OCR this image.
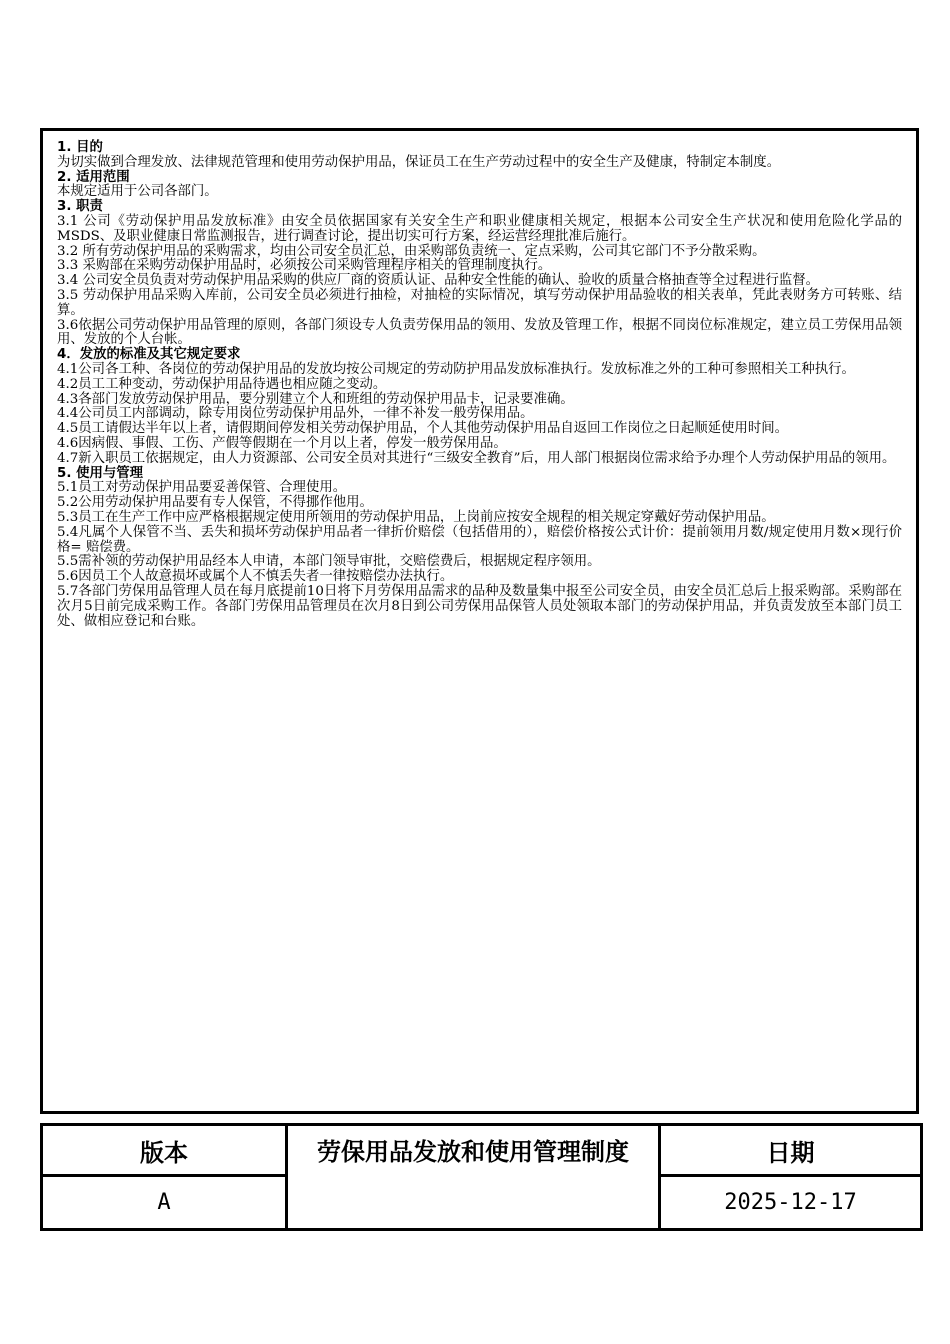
1. 目的

为切实做到合理发放、法律规范管理和使用劳动保护用品，保证员工在生产劳动过程中的安全生产及健康，特制定本制度。

2. 适用范围

本规定适用于公司各部门。

3. 职责

3.1 公司《劳动保护用品发放标准》由安全员依据国家有关安全生产和职业健康相关规定，根据本公司安全生产状况和使用危险化学品的MSDS、及职业健康日常监测报告，进行调查讨论，提出切实可行方案，经运营经理批准后施行。

3.2 所有劳动保护用品的采购需求，均由公司安全员汇总，由采购部负责统一、定点采购，公司其它部门不予分散采购。

3.3 采购部在采购劳动保护用品时，必须按公司采购管理程序相关的管理制度执行。

3.4 公司安全员负责对劳动保护用品采购的供应厂商的资质认证、品种安全性能的确认、验收的质量合格抽查等全过程进行监督。

3.5 劳动保护用品采购入库前，公司安全员必须进行抽检，对抽检的实际情况，填写劳动保护用品验收的相关表单，凭此表财务方可转账、结算。

3.6依据公司劳动保护用品管理的原则，各部门须设专人负责劳保用品的领用、发放及管理工作，根据不同岗位标准规定，建立员工劳保用品领用、发放的个人台帐。

4．发放的标准及其它规定要求

4.1公司各工种、各岗位的劳动保护用品的发放均按公司规定的劳动防护用品发放标准执行。发放标准之外的工种可参照相关工种执行。

4.2员工工种变动，劳动保护用品待遇也相应随之变动。

4.3各部门发放劳动保护用品，要分别建立个人和班组的劳动保护用品卡，记录要准确。

4.4公司员工内部调动，除专用岗位劳动保护用品外，一律不补发一般劳保用品。

4.5员工请假达半年以上者，请假期间停发相关劳动保护用品，个人其他劳动保护用品自返回工作岗位之日起顺延使用时间。

4.6因病假、事假、工伤、产假等假期在一个月以上者，停发一般劳保用品。

4.7新入职员工依据规定，由人力资源部、公司安全员对其进行“三级安全教育”后，用人部门根据岗位需求给予办理个人劳动保护用品的领用。

5. 使用与管理

5.1员工对劳动保护用品要妥善保管、合理使用。

5.2公用劳动保护用品要有专人保管，不得挪作他用。

5.3员工在生产工作中应严格根据规定使用所领用的劳动保护用品，上岗前应按安全规程的相关规定穿戴好劳动保护用品。

5.4凡属个人保管不当、丢失和损坏劳动保护用品者一律折价赔偿（包括借用的），赔偿价格按公式计价：提前领用月数/规定使用月数×现行价格= 赔偿费。

5.5需补领的劳动保护用品经本人申请，本部门领导审批，交赔偿费后，根据规定程序领用。

5.6因员工个人故意损坏或属个人不慎丢失者一律按赔偿办法执行。

5.7各部门劳保用品管理人员在每月底提前10日将下月劳保用品需求的品种及数量集中报至公司安全员，由安全员汇总后上报采购部。采购部在次月5日前完成采购工作。各部门劳保用品管理员在次月8日到公司劳保用品保管人员处领取本部门的劳动保护用品，并负责发放至本部门员工处、做相应登记和台账。

版本	劳保用品发放和使用管理制度	日期
A		2025-12-17
